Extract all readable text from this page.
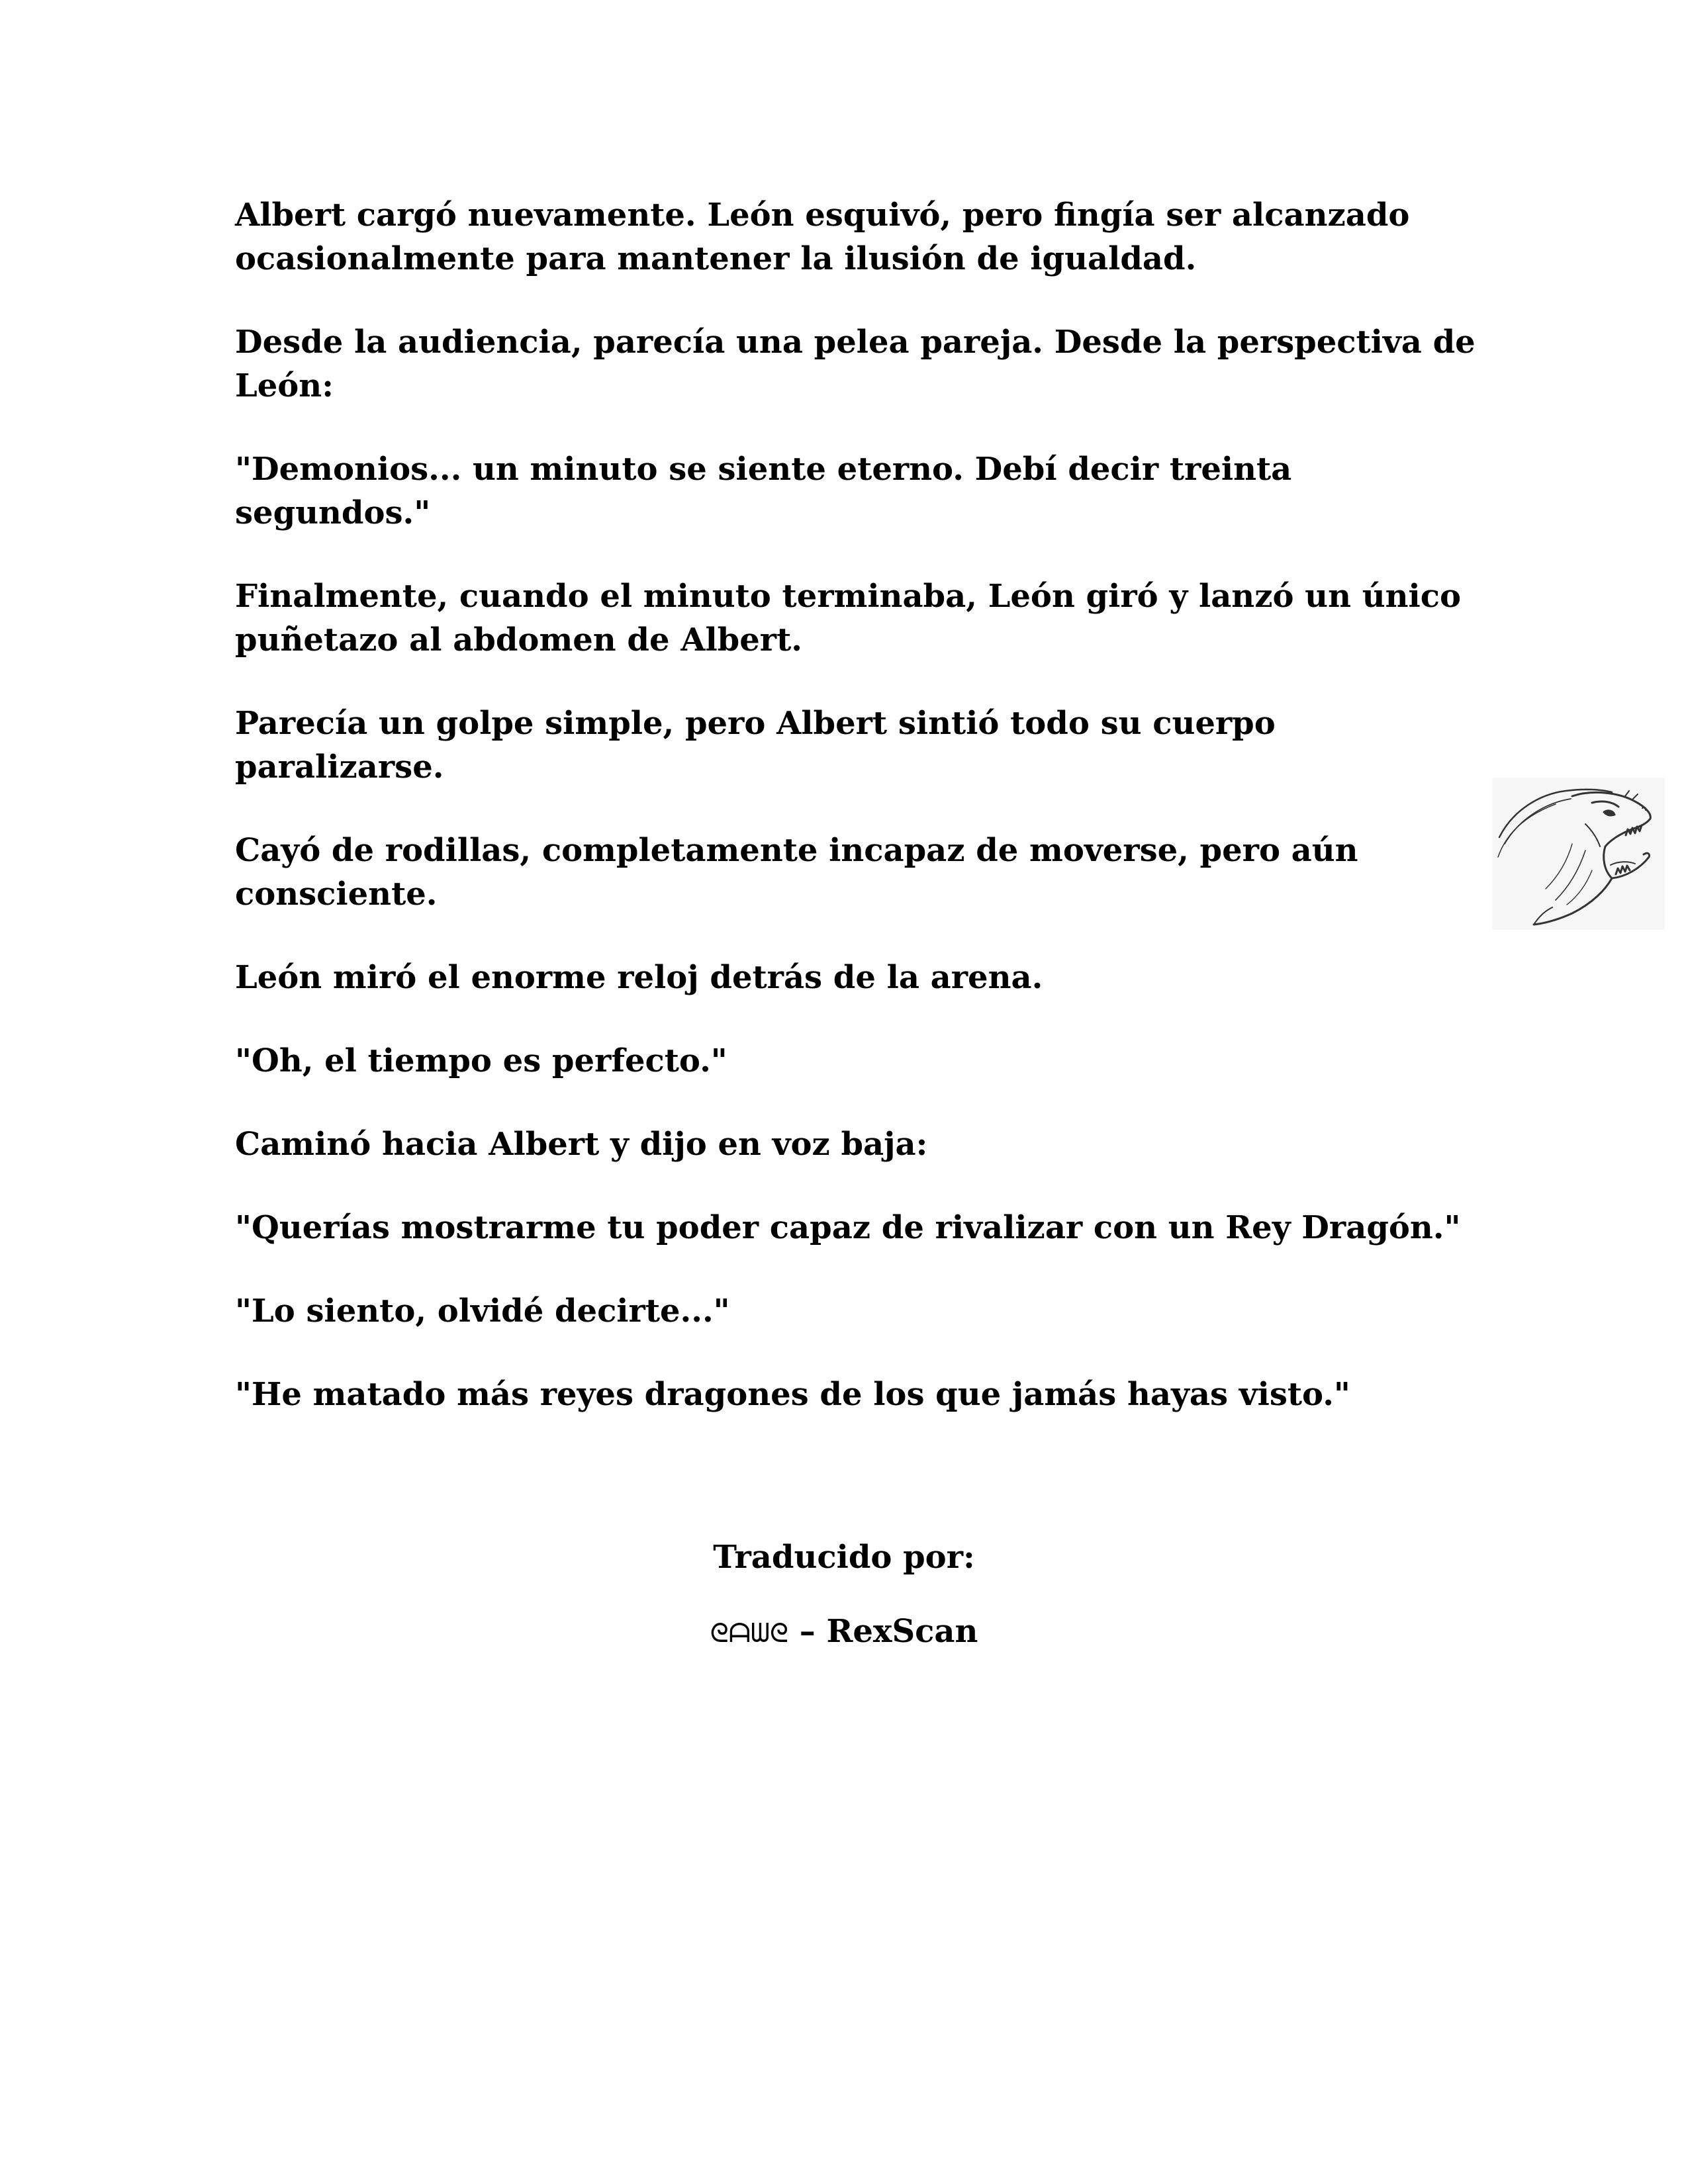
Albert cargó nuevamente. León esquivó, pero fingía ser alcanzado ocasionalmente para mantener la ilusión de igualdad.

Desde la audiencia, parecía una pelea pareja. Desde la perspectiva de León:

"Demonios... un minuto se siente eterno. Debí decir treinta segundos."

Finalmente, cuando el minuto terminaba, León giró y lanzó un único puñetazo al abdomen de Albert.

Parecía un golpe simple, pero Albert sintió todo su cuerpo paralizarse.

Cayó de rodillas, completamente incapaz de moverse, pero aún consciente.

León miró el enorme reloj detrás de la arena.

"Oh, el tiempo es perfecto."

Caminó hacia Albert y dijo en voz baja:

"Querías mostrarme tu poder capaz de rivalizar con un Rey Dragón."

"Lo siento, olvidé decirte..."

"He matado más reyes dragones de los que jamás hayas visto."

Traducido por:

ᘓᗩᗯᘓ – RexScan
